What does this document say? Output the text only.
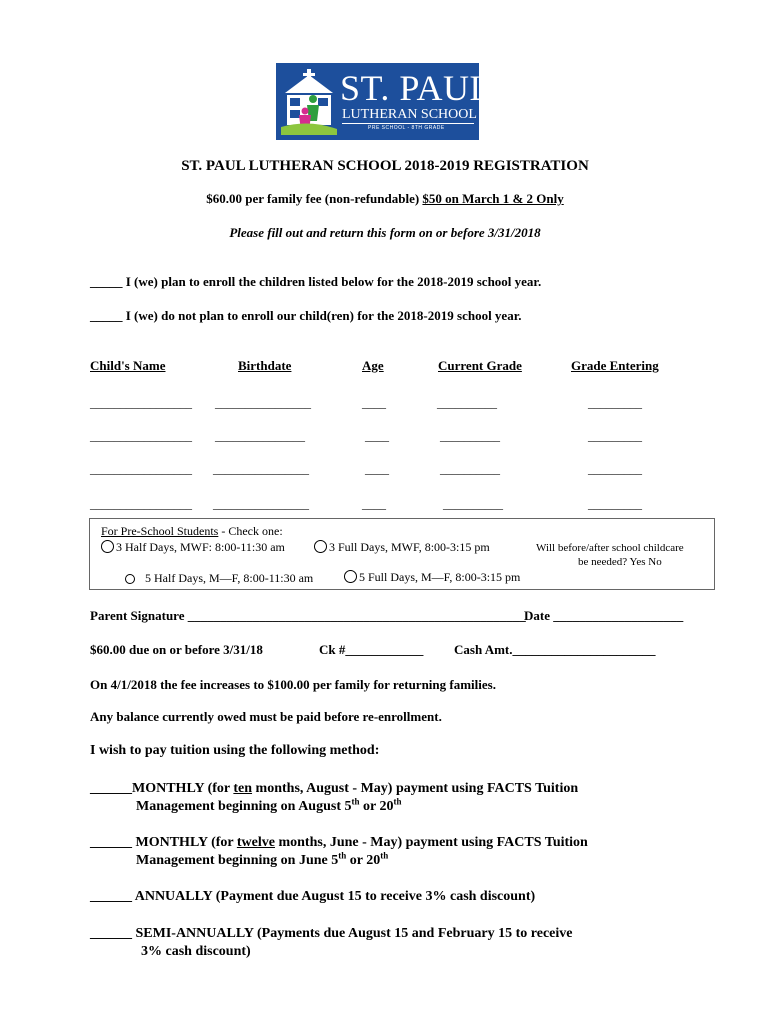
ST. PAUL
LUTHERAN SCHOOL
PRE SCHOOL - 8TH GRADE
ST. PAUL LUTHERAN SCHOOL 2018-2019 REGISTRATION
$60.00 per family fee (non-refundable) $50 on March 1 & 2 Only
Please fill out and return this form on or before 3/31/2018
_____ I (we) plan to enroll the children listed below for the 2018-2019 school year.
_____ I (we) do not plan to enroll our child(ren) for the 2018-2019 school year.
Child's Name	Birthdate	Age	Current Grade	Grade Entering
_________________ ________________	____	__________	_________
_________________ _______________	____	__________	_________
_________________ ________________	____	__________	_________
_________________ ________________	____	__________	_________
For Pre-School Students - Check one:
3 Half Days, MWF: 8:00-11:30 am	3 Full Days, MWF, 8:00-3:15 pm	Will before/after school childcare
be needed? Yes No
5 Half Days, M—F, 8:00-11:30 am	5 Full Days, M—F, 8:00-3:15 pm
Parent Signature ____________________________________________________
Date ____________________
$60.00 due on or before 3/31/18	Ck #____________ Cash Amt.______________________
On 4/1/2018 the fee increases to $100.00 per family for returning families.
Any balance currently owed must be paid before re-enrollment.
I wish to pay tuition using the following method:
______MONTHLY (for ten months, August - May) payment using FACTS Tuition
Management beginning on August 5th or 20th
______ MONTHLY (for twelve months, June - May) payment using FACTS Tuition
Management beginning on June 5th or 20th
______ ANNUALLY (Payment due August 15 to receive 3% cash discount)
______ SEMI-ANNUALLY (Payments due August 15 and February 15 to receive
3% cash discount)
